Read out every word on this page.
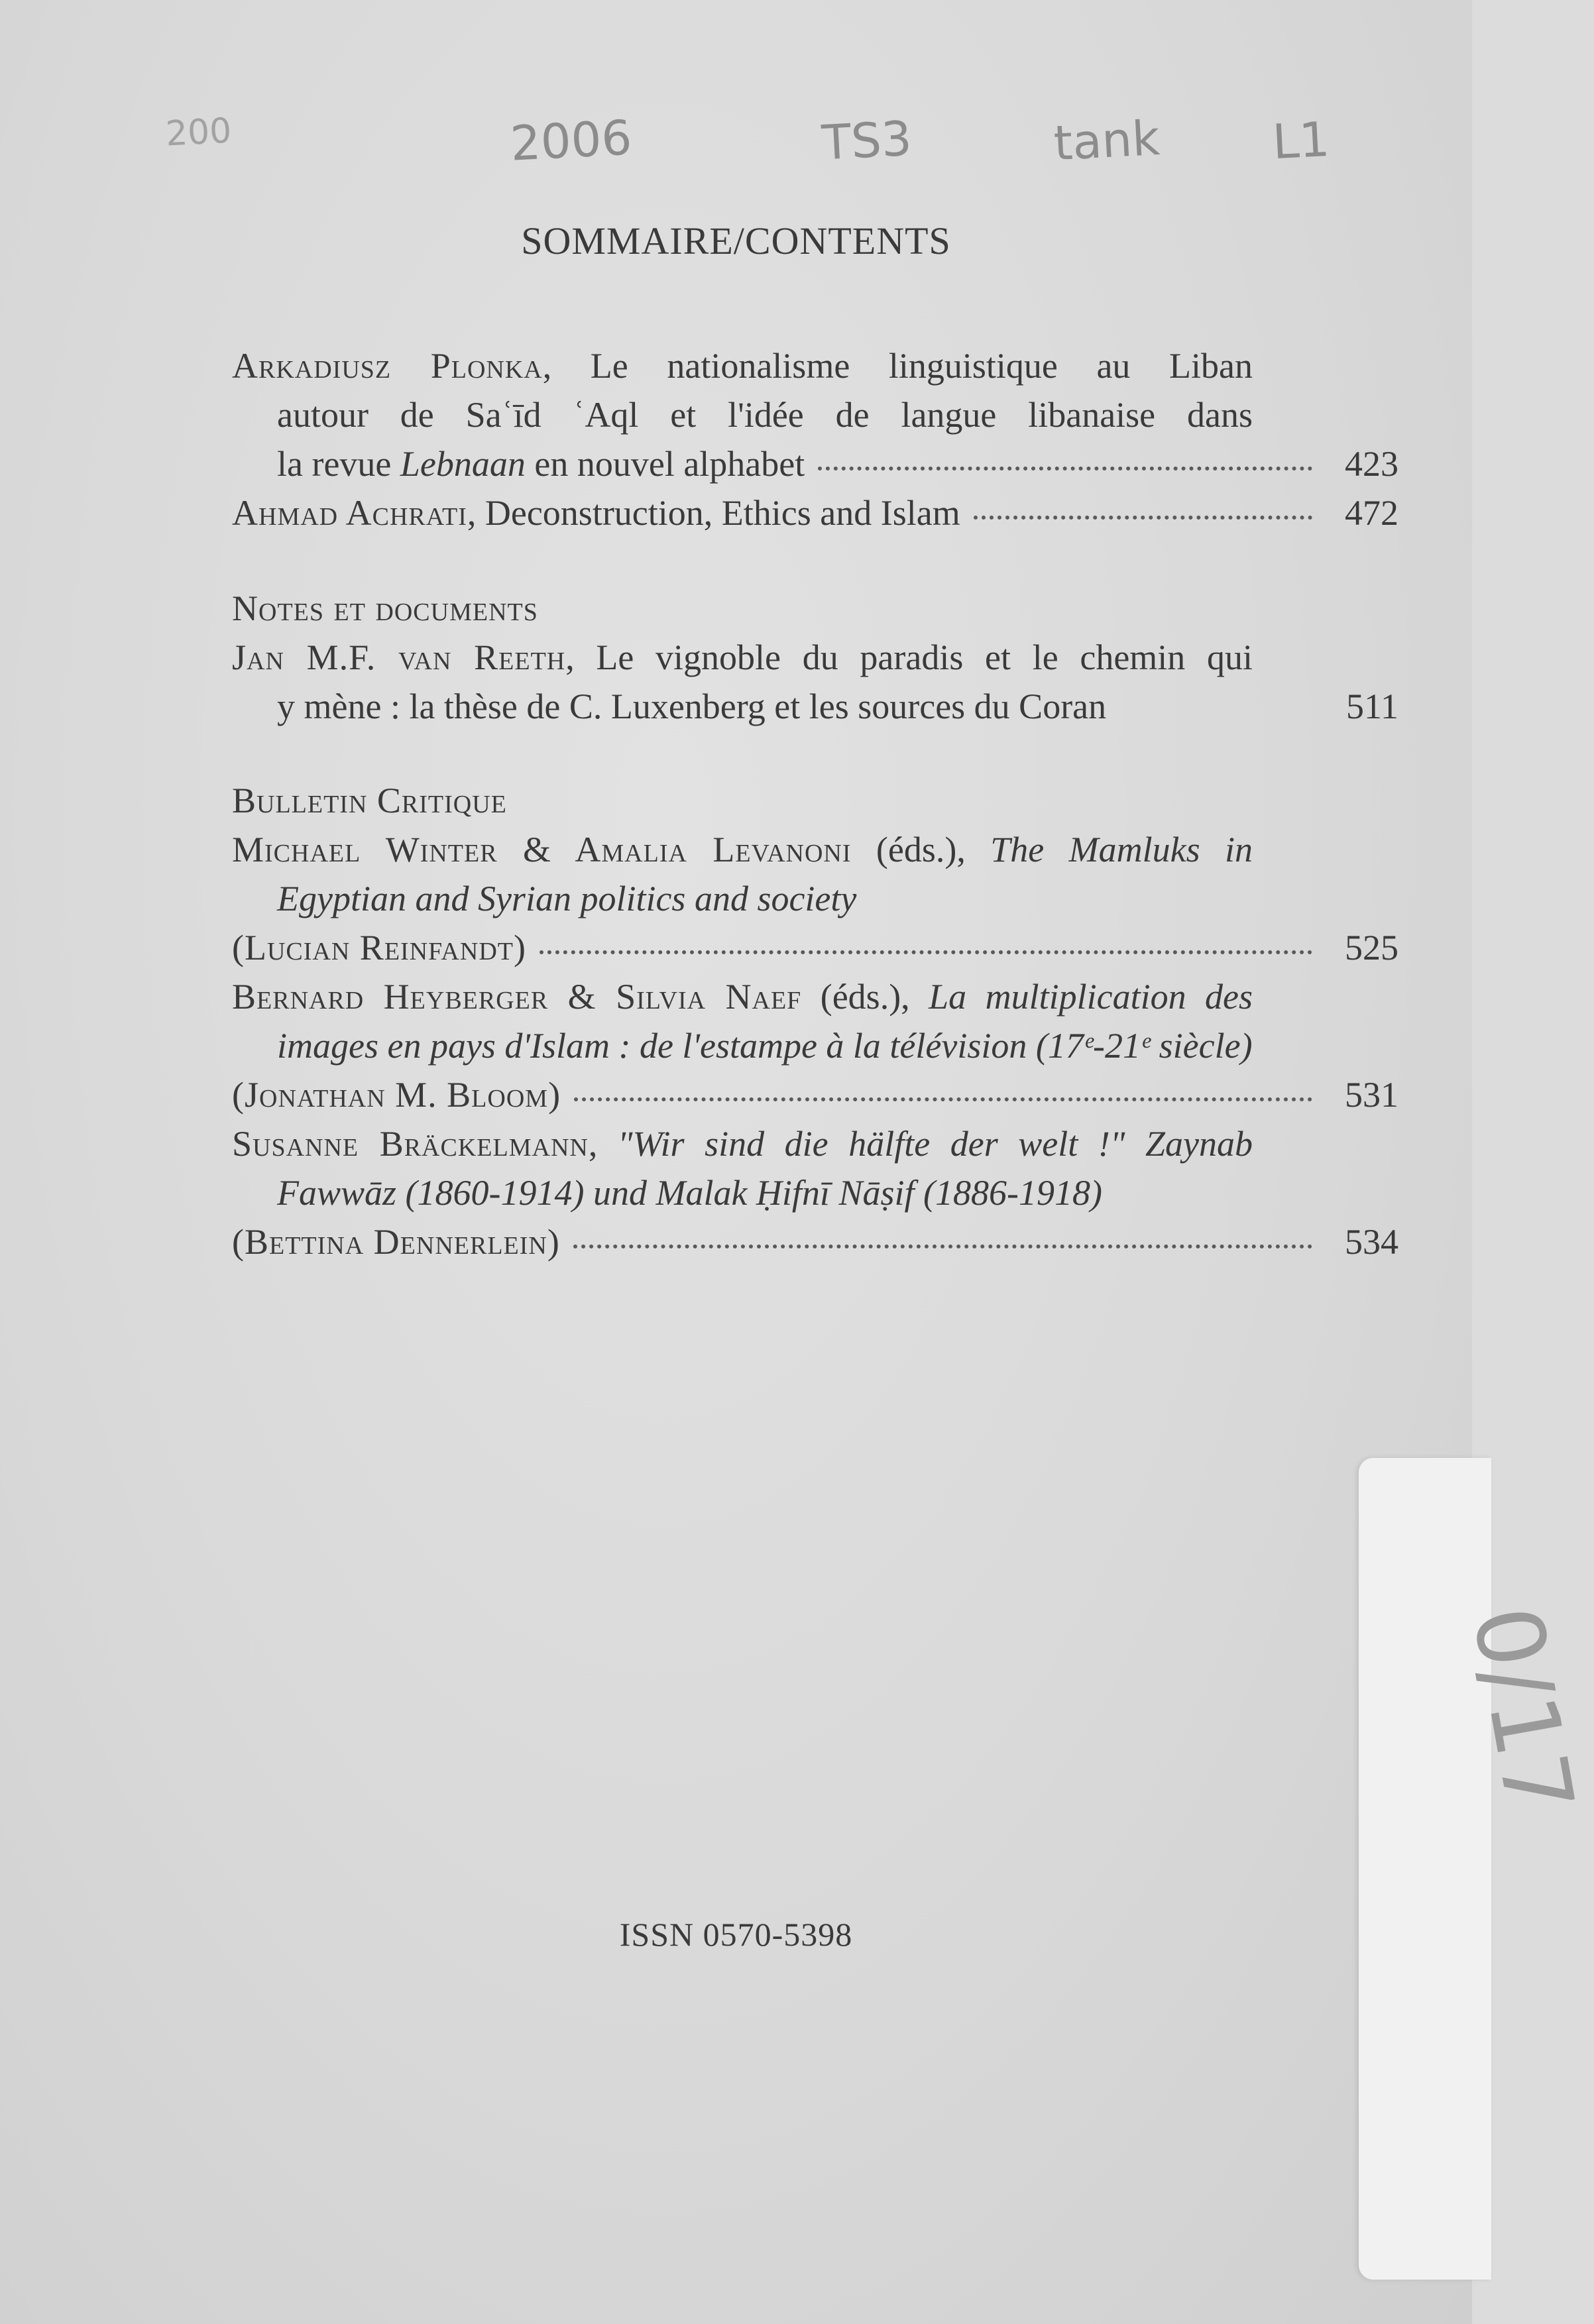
200	2006	TS3	tank L1
SOMMAIRE/CONTENTS
Arkadiusz Plonka, Le nationalisme linguistique au Liban
autour de Saʿīd ʿAql et l'idée de langue libanaise dans
la revue Lebnaan en nouvel alphabet	423
Ahmad Achrati, Deconstruction, Ethics and Islam	472
Notes et documents
Jan M.F. van Reeth, Le vignoble du paradis et le chemin qui
y mène : la thèse de C. Luxenberg et les sources du Coran	511
Bulletin Critique
Michael Winter & Amalia Levanoni (éds.), The Mamluks in
Egyptian and Syrian politics and society
(Lucian Reinfandt)	525
Bernard Heyberger & Silvia Naef (éds.), La multiplication des
images en pays d'Islam : de l'estampe à la télévision (17ᵉ-21ᵉ siècle)
(Jonathan M. Bloom)	531
Susanne Bräckelmann, "Wir sind die hälfte der welt !" Zaynab
Fawwāz (1860-1914) und Malak Ḥifnī Nāṣif (1886-1918)
(Bettina Dennerlein)	534
ISSN 0570-5398
0/17
